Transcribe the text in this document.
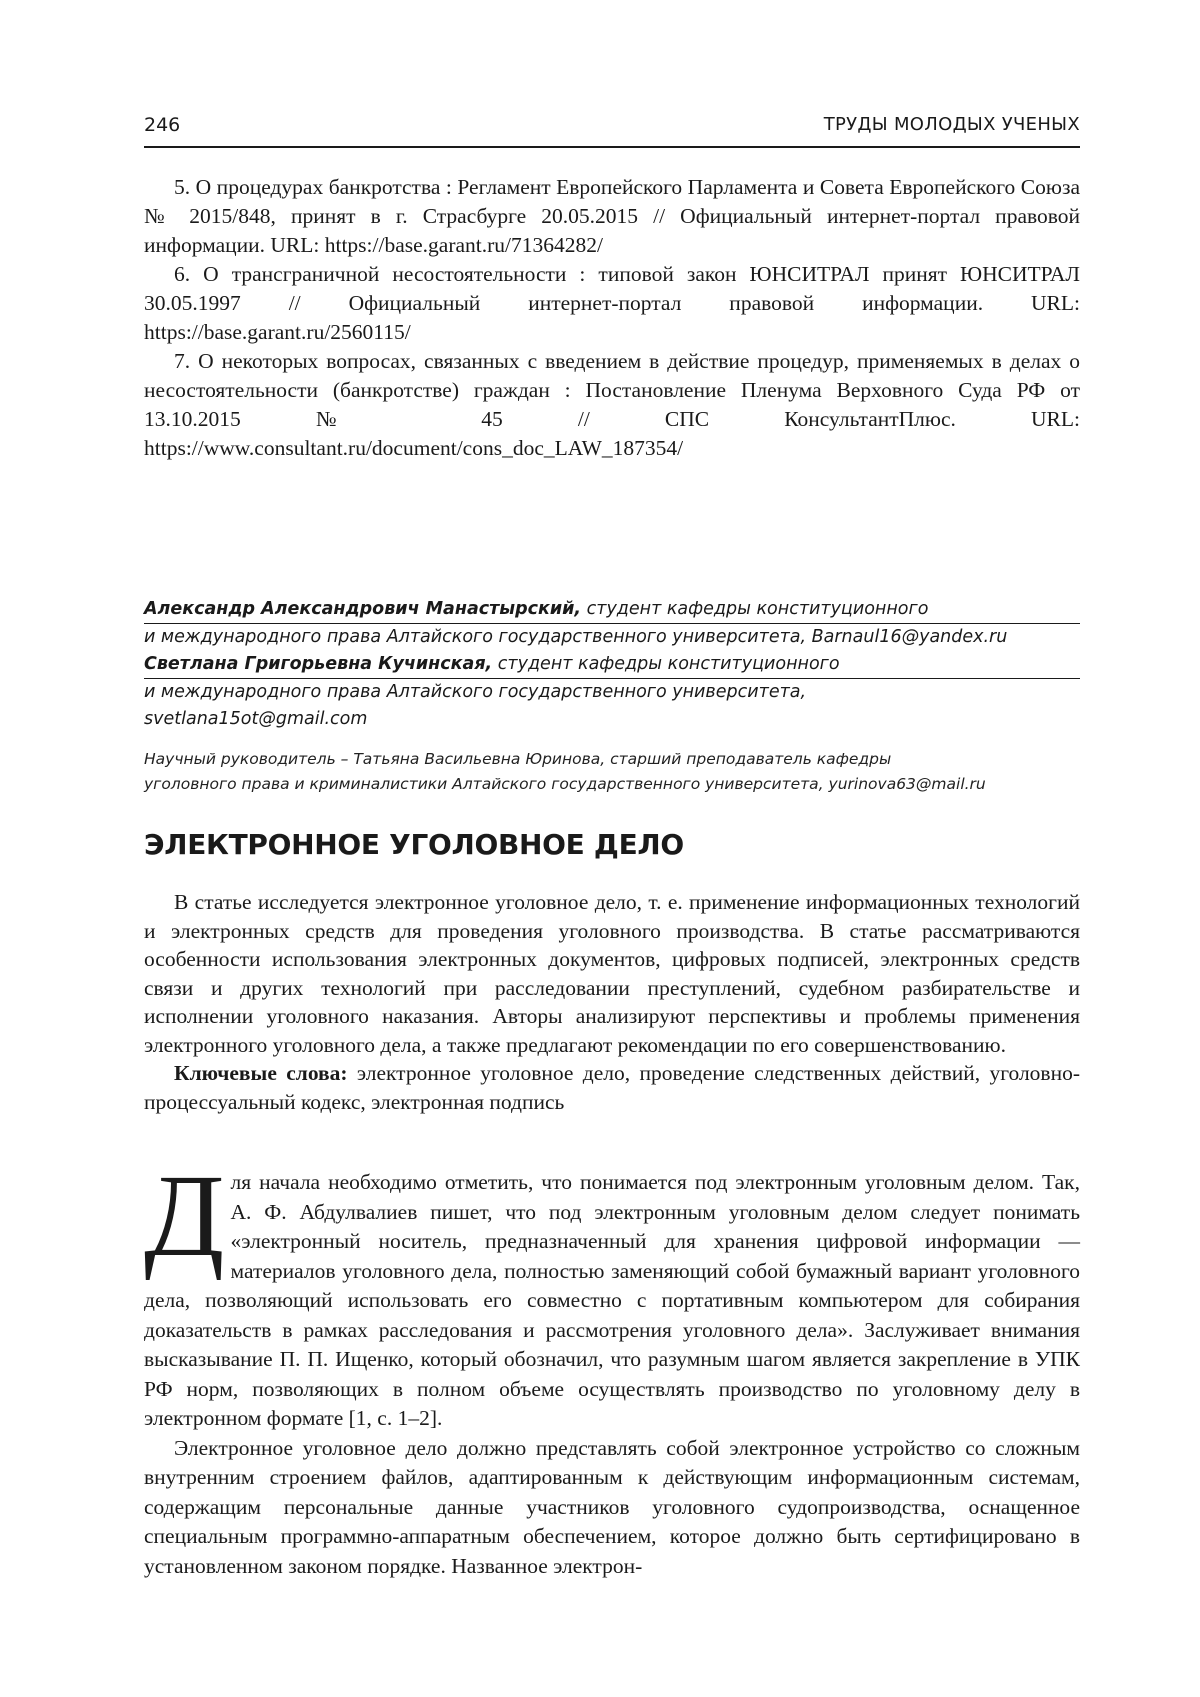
246	ТРУДЫ МОЛОДЫХ УЧЕНЫХ

5. О процедурах банкротства : Регламент Европейского Парламента и Совета Европейского Союза № 2015/848, принят в г. Страсбурге 20.05.2015 // Официальный интернет-портал правовой информации. URL: https://base.garant.ru/71364282/

6. О трансграничной несостоятельности : типовой закон ЮНСИТРАЛ принят ЮНСИТРАЛ 30.05.1997 // Официальный интернет-портал правовой информации. URL: https://base.garant.ru/2560115/

7. О некоторых вопросах, связанных с введением в действие процедур, применяемых в делах о несостоятельности (банкротстве) граждан : Постановление Пленума Верховного Суда РФ от 13.10.2015 № 45 // СПС КонсультантПлюс. URL: https://www.consultant.ru/document/cons_doc_LAW_187354/

Александр Александрович Манастырский, студент кафедры конституционного
и международного права Алтайского государственного университета, Barnaul16@yandex.ru
Светлана Григорьевна Кучинская, студент кафедры конституционного
и международного права Алтайского государственного университета,
svetlana15ot@gmail.com
Научный руководитель – Татьяна Васильевна Юринова, старший преподаватель кафедры
уголовного права и криминалистики Алтайского государственного университета, yurinova63@mail.ru
ЭЛЕКТРОННОЕ УГОЛОВНОЕ ДЕЛО

В статье исследуется электронное уголовное дело, т. е. применение информационных технологий и электронных средств для проведения уголовного производства. В статье рассматриваются особенности использования электронных документов, цифровых подписей, электронных средств связи и других технологий при расследовании преступлений, судебном разбирательстве и исполнении уголовного наказания. Авторы анализируют перспективы и проблемы применения электронного уголовного дела, а также предлагают рекомендации по его совершенствованию.

Ключевые слова: электронное уголовное дело, проведение следственных действий, уголовно-процессуальный кодекс, электронная подпись

Для начала необходимо отметить, что понимается под электронным уголовным делом. Так, А. Ф. Абдулвалиев пишет, что под электронным уголовным делом следует понимать «электронный носитель, предназначенный для хранения цифровой информации — материалов уголовного дела, полностью заменяющий собой бумажный вариант уголовного дела, позволяющий использовать его совместно с портативным компьютером для собирания доказательств в рамках расследования и рассмотрения уголовного дела». Заслуживает внимания высказывание П. П. Ищенко, который обозначил, что разумным шагом является закрепление в УПК РФ норм, позволяющих в полном объеме осуществлять производство по уголовному делу в электронном формате [1, с. 1–2].

Электронное уголовное дело должно представлять собой электронное устройство со сложным внутренним строением файлов, адаптированным к действующим информационным системам, содержащим персональные данные участников уголовного судопроизводства, оснащенное специальным программно-аппаратным обеспечением, которое должно быть сертифицировано в установленном законом порядке. Названное электрон-
